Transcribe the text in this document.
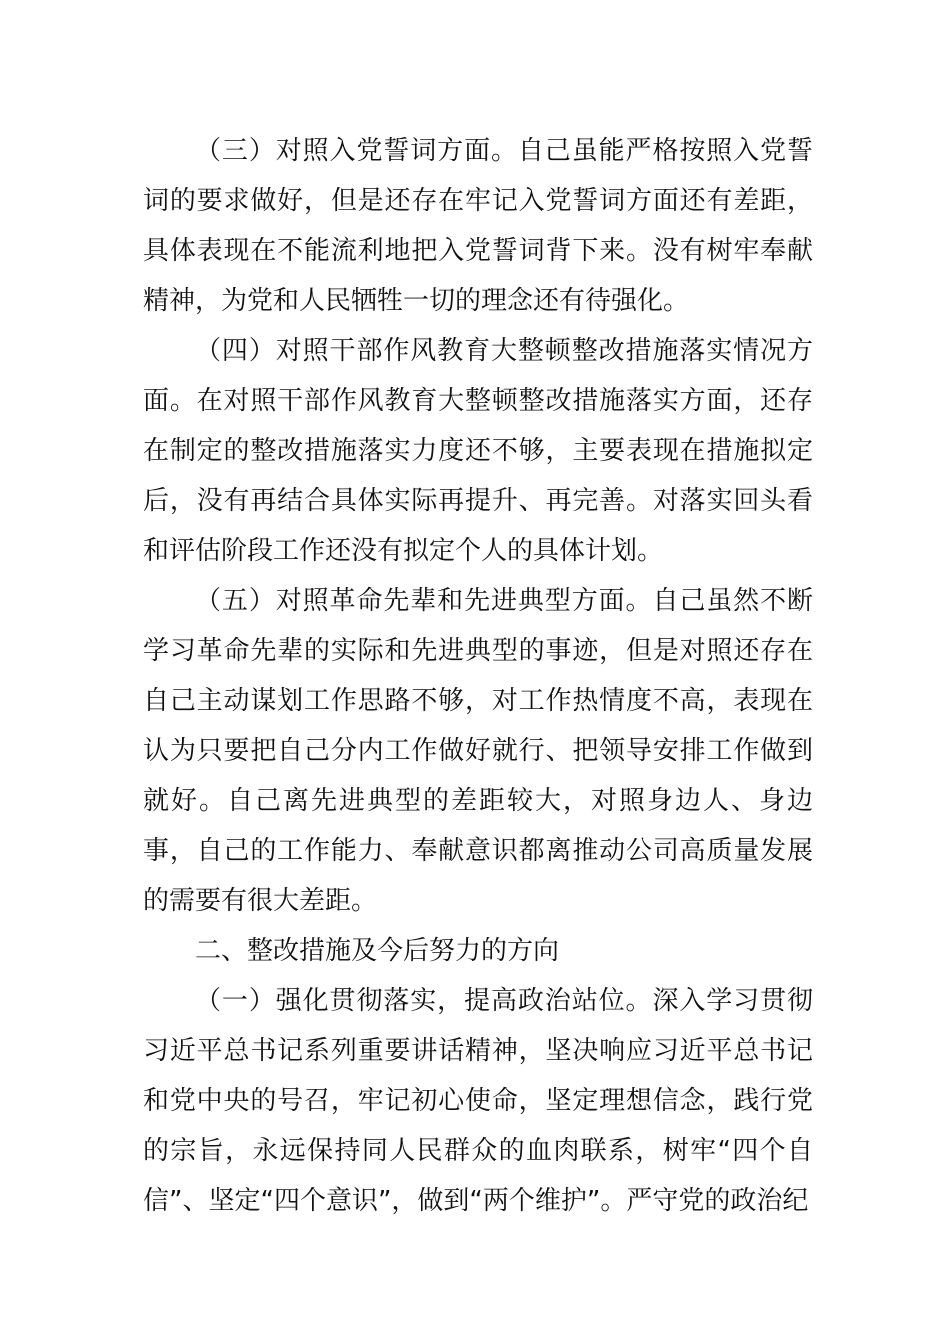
（三）对照入党誓词方面。自己虽能严格按照入党誓词的要求做好，但是还存在牢记入党誓词方面还有差距，具体表现在不能流利地把入党誓词背下来。没有树牢奉献精神，为党和人民牺牲一切的理念还有待强化。

（四）对照干部作风教育大整顿整改措施落实情况方面。在对照干部作风教育大整顿整改措施落实方面，还存在制定的整改措施落实力度还不够，主要表现在措施拟定后，没有再结合具体实际再提升、再完善。对落实回头看和评估阶段工作还没有拟定个人的具体计划。

（五）对照革命先辈和先进典型方面。自己虽然不断学习革命先辈的实际和先进典型的事迹，但是对照还存在自己主动谋划工作思路不够，对工作热情度不高，表现在认为只要把自己分内工作做好就行、把领导安排工作做到就好。自己离先进典型的差距较大，对照身边人、身边事，自己的工作能力、奉献意识都离推动公司高质量发展的需要有很大差距。

二、整改措施及今后努力的方向

（一）强化贯彻落实，提高政治站位。深入学习贯彻习近平总书记系列重要讲话精神，坚决响应习近平总书记和党中央的号召，牢记初心使命，坚定理想信念，践行党的宗旨，永远保持同人民群众的血肉联系，树牢“四个自信”、坚定“四个意识”，做到“两个维护”。严守党的政治纪
